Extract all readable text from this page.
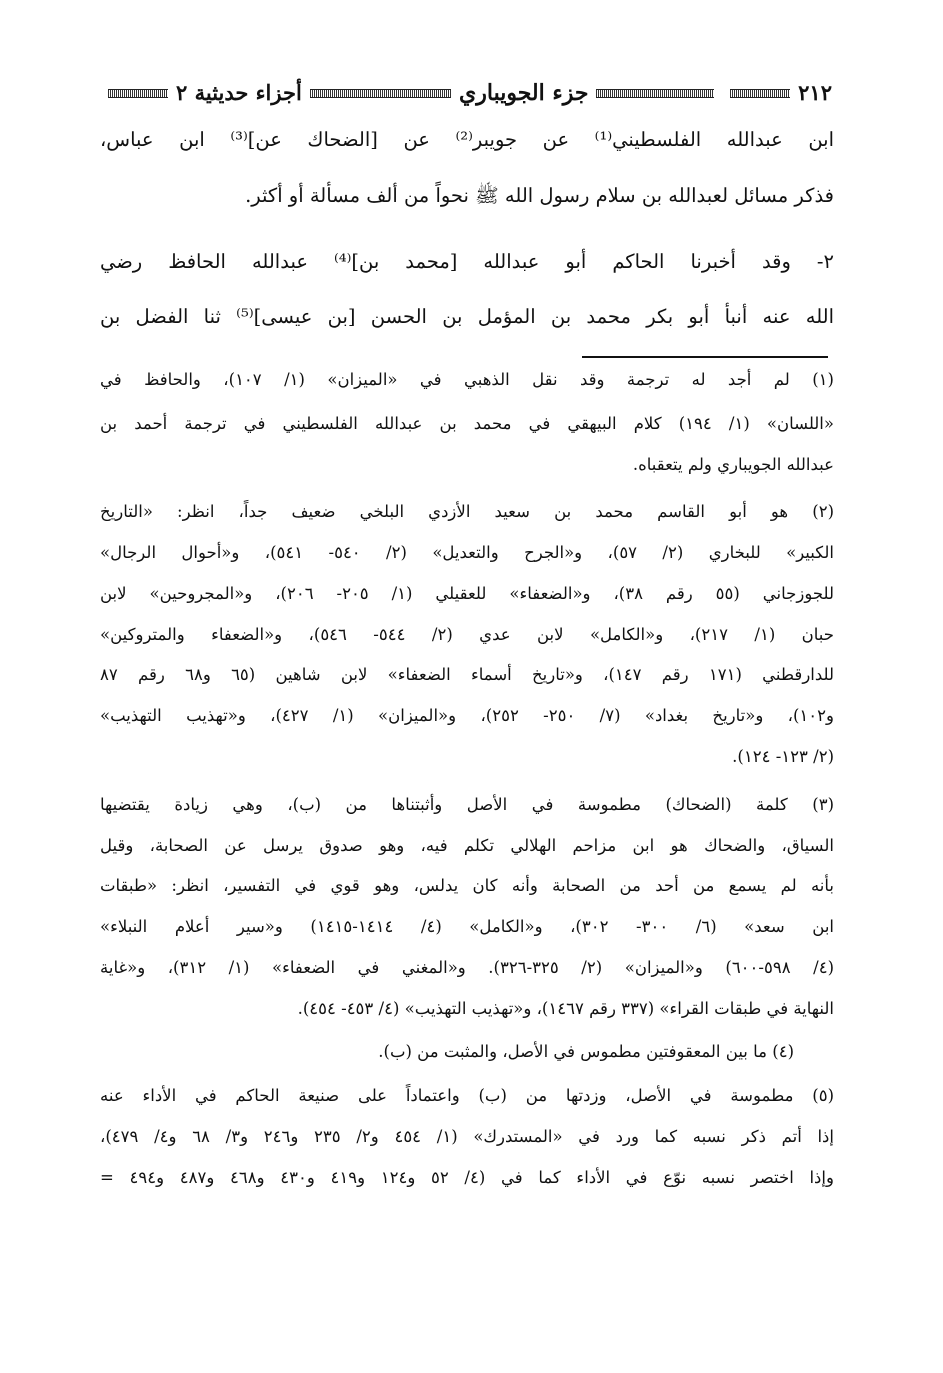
٢١٢
جزء الجويباري
أجزاء حديثية ٢
ابن عبدالله الفلسطيني⁽¹⁾ عن جويبر⁽²⁾ عن [الضحاك عن]⁽³⁾ ابن عباس،
فذكر مسائل لعبدالله بن سلام رسول الله ﷺ نحواً من ألف مسألة أو أكثر.
٢- وقد أخبرنا الحاكم أبو عبدالله [محمد بن]⁽⁴⁾ عبدالله الحافظ رضي
الله عنه أنبأ أبو بكر محمد بن المؤمل بن الحسن [بن عيسى]⁽⁵⁾ ثنا الفضل بن
(١) لم أجد له ترجمة وقد نقل الذهبي في «الميزان» (١/ ١٠٧)، والحافظ في
«اللسان» (١/ ١٩٤) كلام البيهقي في محمد بن عبدالله الفلسطيني في ترجمة أحمد بن
عبدالله الجويباري ولم يتعقباه.
(٢) هو أبو القاسم محمد بن سعيد الأزدي البلخي ضعيف جداً، انظر: «التاريخ
الكبير» للبخاري (٢/ ٥٧)، و«الجرح والتعديل» (٢/ ٥٤٠- ٥٤١)، و«أحوال الرجال»
للجوزجاني (٥٥ رقم ٣٨)، و«الضعفاء» للعقيلي (١/ ٢٠٥- ٢٠٦)، و«المجروحين» لابن
حبان (١/ ٢١٧)، و«الكامل» لابن عدي (٢/ ٥٤٤- ٥٤٦)، و«الضعفاء والمتروكين»
للدارقطني (١٧١ رقم ١٤٧)، و«تاريخ أسماء الضعفاء» لابن شاهين (٦٥ و٦٨ رقم ٨٧
و١٠٢)، و«تاريخ بغداد» (٧/ ٢٥٠- ٢٥٢)، و«الميزان» (١/ ٤٢٧)، و«تهذيب التهذيب»
(٢/ ١٢٣- ١٢٤).
(٣) كلمة (الضحاك) مطموسة في الأصل وأثبتناها من (ب)، وهي زيادة يقتضيها
السياق، والضحاك هو ابن مزاحم الهلالي تكلم فيه، وهو صدوق يرسل عن الصحابة، وقيل
بأنه لم يسمع من أحد من الصحابة وأنه كان يدلس، وهو قوي في التفسير، انظر: «طبقات
ابن سعد» (٦/ ٣٠٠- ٣٠٢)، و«الكامل» (٤/ ١٤١٤-١٤١٥) و«سير أعلام النبلاء»
(٤/ ٥٩٨-٦٠٠) و«الميزان» (٢/ ٣٢٥-٣٢٦). و«المغني في الضعفاء» (١/ ٣١٢)، و«غاية
النهاية في طبقات القراء» (٣٣٧ رقم ١٤٦٧)، و«تهذيب التهذيب» (٤/ ٤٥٣- ٤٥٤).
(٤) ما بين المعقوفتين مطموس في الأصل، والمثبت من (ب).
(٥) مطموسة في الأصل، وزدتها من (ب) واعتماداً على صنيعة الحاكم في الأداء عنه
إذا أتم ذكر نسبه كما ورد في «المستدرك» (١/ ٤٥٤ و٢/ ٢٣٥ و٢٤٦ و٣/ ٦٨ و٤/ ٤٧٩)،
وإذا اختصر نسبه نوّع في الأداء كما في (٤/ ٥٢ و١٢٤ و٤١٩ و٤٣٠ و٤٦٨ و٤٨٧ و٤٩٤ =
